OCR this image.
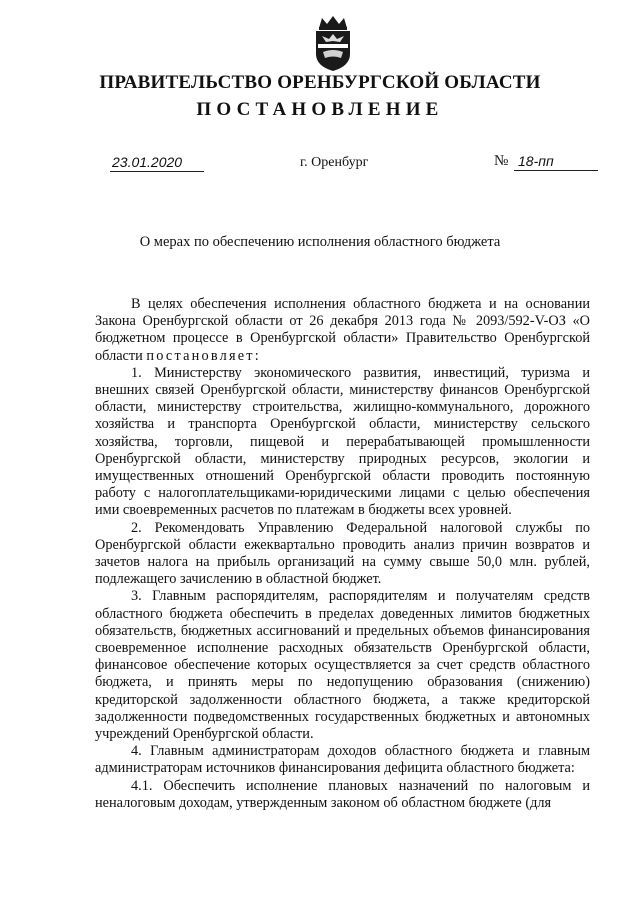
ПРАВИТЕЛЬСТВО ОРЕНБУРГСКОЙ ОБЛАСТИ
ПОСТАНОВЛЕНИЕ
23.01.2020	г. Оренбург	№ 18-пп
О мерах по обеспечению исполнения областного бюджета

В целях обеспечения исполнения областного бюджета и на основании Закона Оренбургской области от 26 декабря 2013 года № 2093/592-V-ОЗ «О бюджетном процессе в Оренбургской области» Правительство Оренбургской области постановляет:

1. Министерству экономического развития, инвестиций, туризма и внешних связей Оренбургской области, министерству финансов Оренбургской области, министерству строительства, жилищно-коммунального, дорожного хозяйства и транспорта Оренбургской области, министерству сельского хозяйства, торговли, пищевой и перерабатывающей промышленности Оренбургской области, министерству природных ресурсов, экологии и имущественных отношений Оренбургской области проводить постоянную работу с налогоплательщиками-юридическими лицами с целью обеспечения ими своевременных расчетов по платежам в бюджеты всех уровней.

2. Рекомендовать Управлению Федеральной налоговой службы по Оренбургской области ежеквартально проводить анализ причин возвратов и зачетов налога на прибыль организаций на сумму свыше 50,0 млн. рублей, подлежащего зачислению в областной бюджет.

3. Главным распорядителям, распорядителям и получателям средств областного бюджета обеспечить в пределах доведенных лимитов бюджетных обязательств, бюджетных ассигнований и предельных объемов финансирования своевременное исполнение расходных обязательств Оренбургской области, финансовое обеспечение которых осуществляется за счет средств областного бюджета, и принять меры по недопущению образования (снижению) кредиторской задолженности областного бюджета, а также кредиторской задолженности подведомственных государственных бюджетных и автономных учреждений Оренбургской области.

4. Главным администраторам доходов областного бюджета и главным администраторам источников финансирования дефицита областного бюджета:

4.1. Обеспечить исполнение плановых назначений по налоговым и неналоговым доходам, утвержденным законом об областном бюджете (для
